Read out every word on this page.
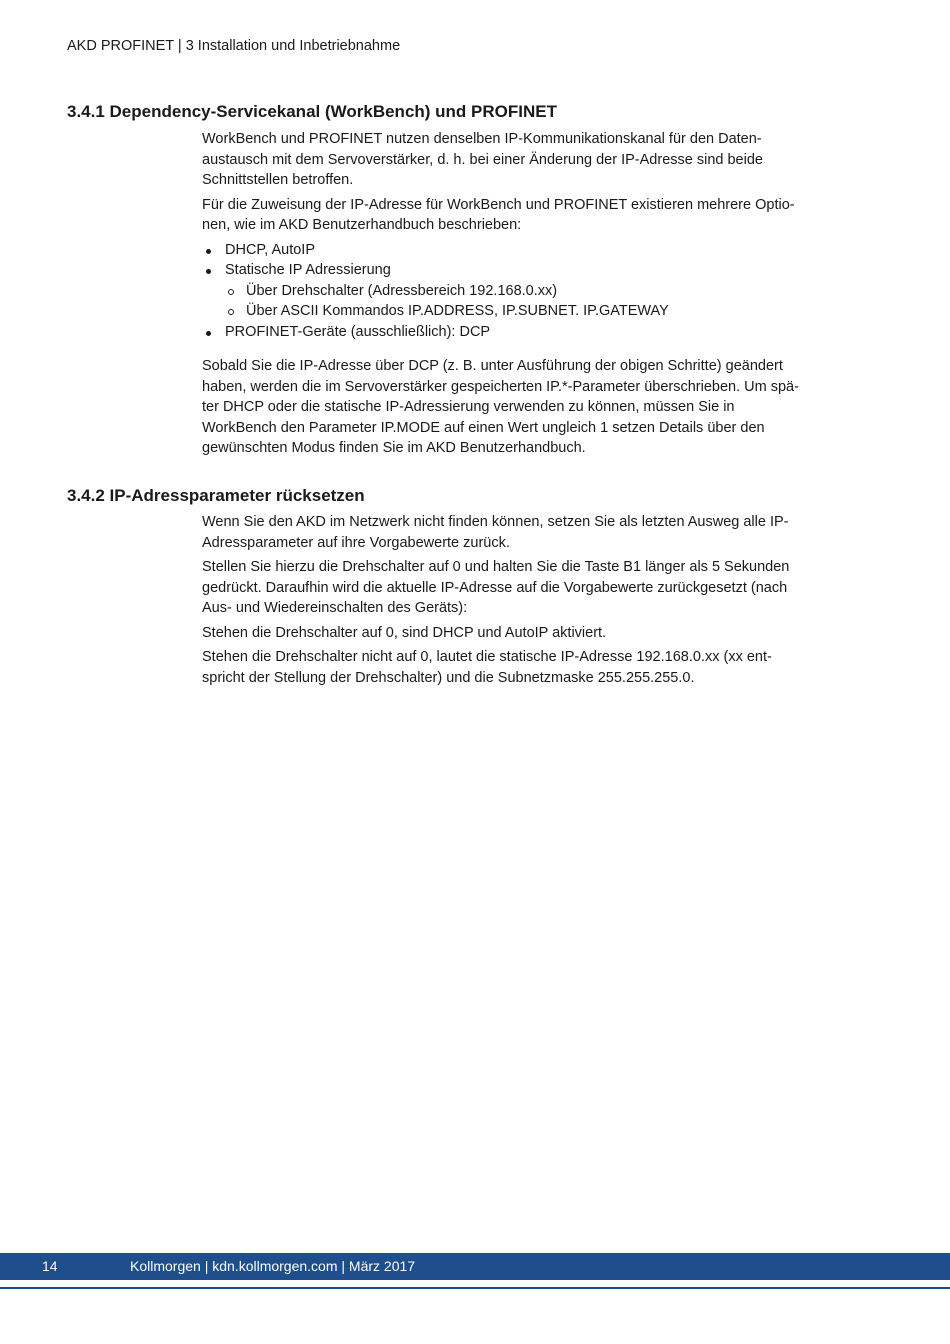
AKD PROFINET | 3 Installation und Inbetriebnahme
3.4.1 Dependency-Servicekanal (WorkBench) und PROFINET

WorkBench und PROFINET nutzen denselben IP-Kommunikationskanal für den Daten-
austausch mit dem Servoverstärker, d. h. bei einer Änderung der IP-Adresse sind beide
Schnittstellen betroffen.

Für die Zuweisung der IP-Adresse für WorkBench und PROFINET existieren mehrere Optio-
nen, wie im AKD Benutzerhandbuch beschrieben:

DHCP, AutoIP
Statische IP Adressierung
Über Drehschalter (Adressbereich 192.168.0.xx)
Über ASCII Kommandos IP.ADDRESS, IP.SUBNET. IP.GATEWAY
PROFINET-Geräte (ausschließlich): DCP

Sobald Sie die IP-Adresse über DCP (z. B. unter Ausführung der obigen Schritte) geändert
haben, werden die im Servoverstärker gespeicherten IP.*-Parameter überschrieben. Um spä-
ter DHCP oder die statische IP-Adressierung verwenden zu können, müssen Sie in
WorkBench den Parameter IP.MODE auf einen Wert ungleich 1 setzen Details über den
gewünschten Modus finden Sie im AKD Benutzerhandbuch.

3.4.2 IP-Adressparameter rücksetzen

Wenn Sie den AKD im Netzwerk nicht finden können, setzen Sie als letzten Ausweg alle IP-
Adressparameter auf ihre Vorgabewerte zurück.

Stellen Sie hierzu die Drehschalter auf 0 und halten Sie die Taste B1 länger als 5 Sekunden
gedrückt. Daraufhin wird die aktuelle IP-Adresse auf die Vorgabewerte zurückgesetzt (nach
Aus- und Wiedereinschalten des Geräts):

Stehen die Drehschalter auf 0, sind DHCP und AutoIP aktiviert.

Stehen die Drehschalter nicht auf 0, lautet die statische IP-Adresse 192.168.0.xx (xx ent-
spricht der Stellung der Drehschalter) und die Subnetzmaske 255.255.255.0.

14	Kollmorgen | kdn.kollmorgen.com | März 2017
